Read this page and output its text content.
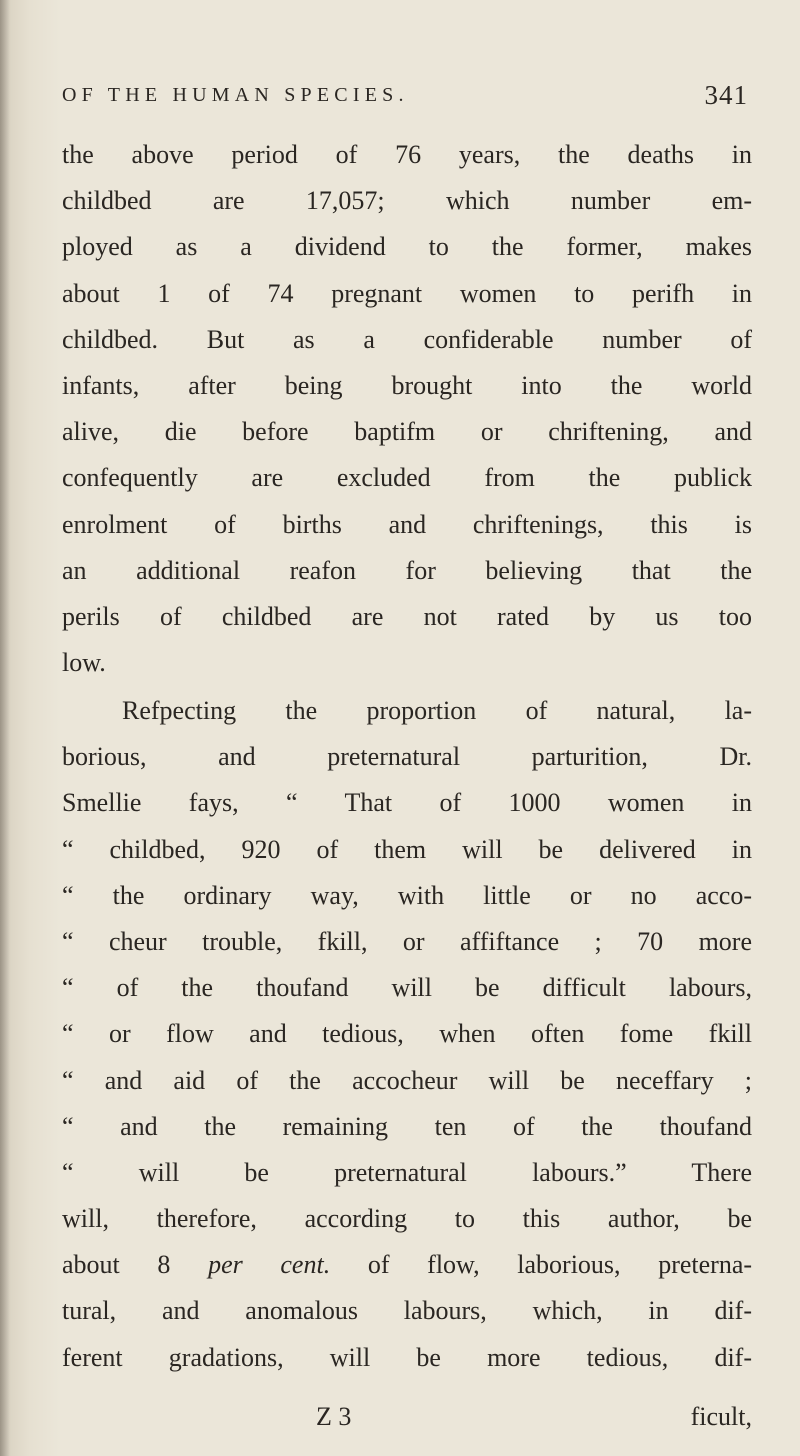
OF THE HUMAN SPECIES.	341
the above period of 76 years, the deaths in
childbed are 17,057; which number em-
ployed as a dividend to the former, makes
about 1 of 74 pregnant women to perifh in
childbed. But as a confiderable number of
infants, after being brought into the world
alive, die before baptifm or chriftening, and
confequently are excluded from the publick
enrolment of births and chriftenings, this is
an additional reafon for believing that the
perils of childbed are not rated by us too
low.
Refpecting the proportion of natural, la-
borious, and preternatural parturition, Dr.
Smellie fays, “ That of 1000 women in
“ childbed, 920 of them will be delivered in
“ the ordinary way, with little or no acco-
“ cheur trouble, fkill, or affiftance ; 70 more
“ of the thoufand will be difficult labours,
“ or flow and tedious, when often fome fkill
“ and aid of the accocheur will be neceffary ;
“ and the remaining ten of the thoufand
“ will be preternatural labours.” There
will, therefore, according to this author, be
about 8 per cent. of flow, laborious, preterna-
tural, and anomalous labours, which, in dif-
ferent gradations, will be more tedious, dif-
Z 3	ficult,
